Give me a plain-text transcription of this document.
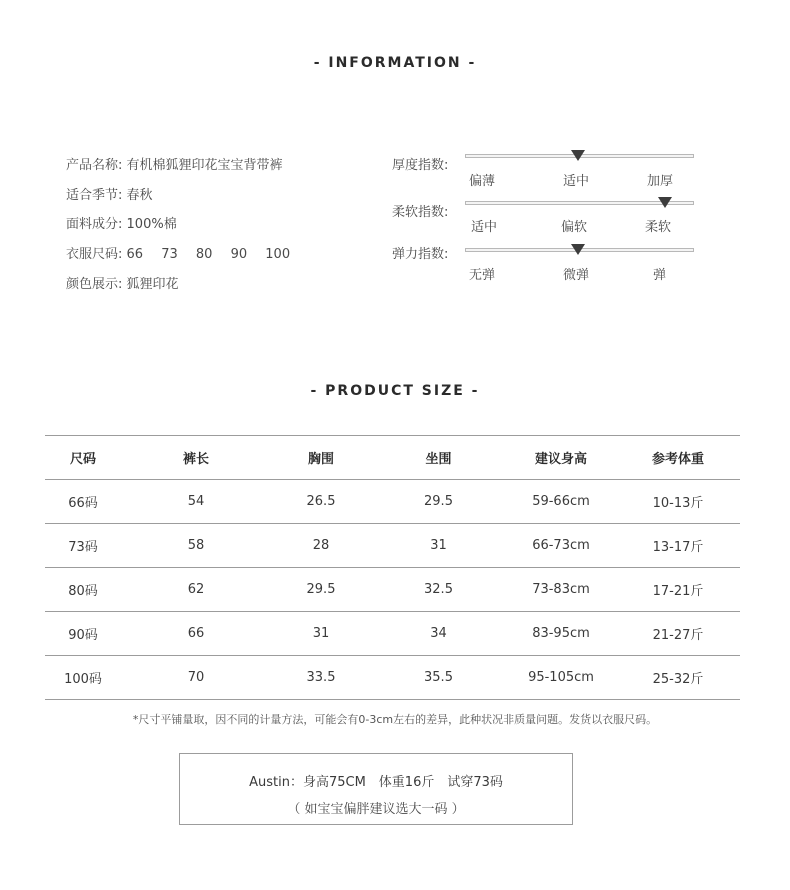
- INFORMATION -
产品名称: 有机棉狐狸印花宝宝背带裤
适合季节: 春秋
面料成分: 100%棉
衣服尺码: 66 73 80 90 100
颜色展示: 狐狸印花
厚度指数:
偏薄	适中	加厚
柔软指数:
适中	偏软	柔软
弹力指数:
无弹	微弹	弹
- PRODUCT SIZE -
尺码	裤长	胸围	坐围	建议身高	参考体重
66码	54	26.5	29.5	59-66cm	10-13斤
73码	58	28	31	66-73cm	13-17斤
80码	62	29.5	32.5	73-83cm	17-21斤
90码	66	31	34	83-95cm	21-27斤
100码	70	33.5	35.5	95-105cm	25-32斤
*尺寸平铺量取，因不同的计量方法，可能会有0-3cm左右的差异，此种状况非质量问题。发货以衣服尺码。
Austin：身高75CM　体重16斤　试穿73码
（ 如宝宝偏胖建议选大一码 ）
